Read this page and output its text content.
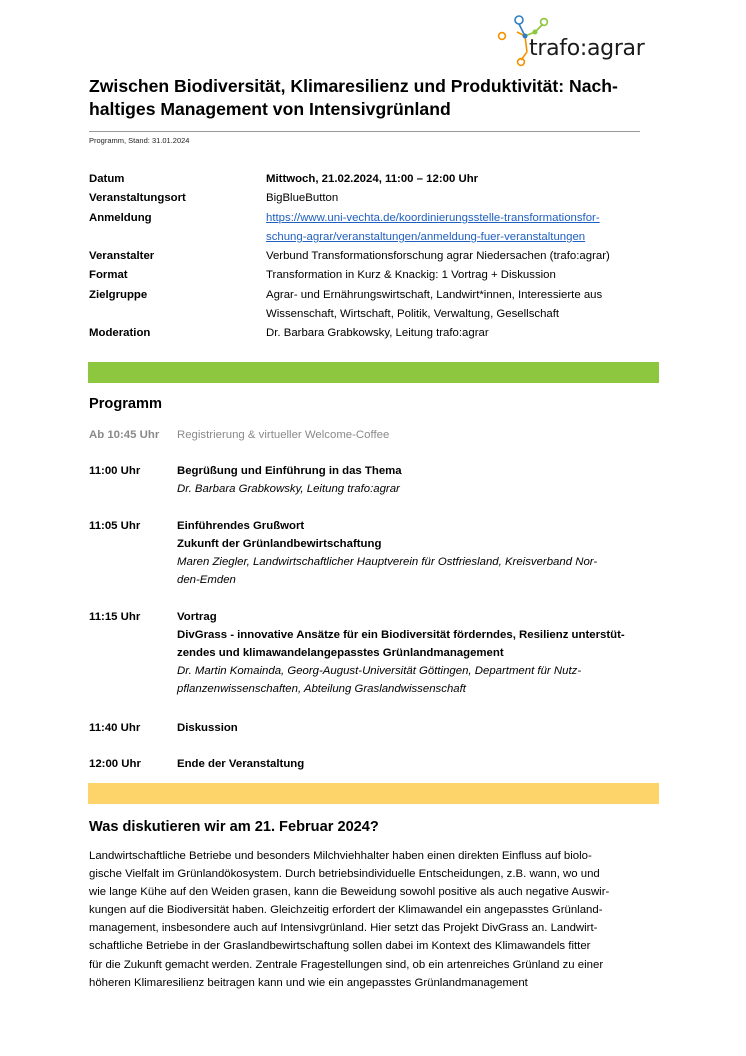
trafo:agrar
Zwischen Biodiversität, Klimaresilienz und Produktivität: Nach-
haltiges Management von Intensivgrünland
Programm, Stand: 31.01.2024
Datum	Mittwoch, 21.02.2024, 11:00 – 12:00 Uhr
Veranstaltungsort	BigBlueButton
Anmeldung	https://www.uni-vechta.de/koordinierungsstelle-transformationsfor-
schung-agrar/veranstaltungen/anmeldung-fuer-veranstaltungen
Veranstalter	Verbund Transformationsforschung agrar Niedersachen (trafo:agrar)
Format	Transformation in Kurz & Knackig: 1 Vortrag + Diskussion
Zielgruppe	Agrar- und Ernährungswirtschaft, Landwirt*innen, Interessierte aus
Wissenschaft, Wirtschaft, Politik, Verwaltung, Gesellschaft
Moderation	Dr. Barbara Grabkowsky, Leitung trafo:agrar
Programm
Ab 10:45 Uhr	Registrierung & virtueller Welcome-Coffee
11:00 Uhr	Begrüßung und Einführung in das Thema
Dr. Barbara Grabkowsky, Leitung trafo:agrar
11:05 Uhr	Einführendes Grußwort
Zukunft der Grünlandbewirtschaftung
Maren Ziegler, Landwirtschaftlicher Hauptverein für Ostfriesland, Kreisverband Nor-
den-Emden
11:15 Uhr	Vortrag
DivGrass - innovative Ansätze für ein Biodiversität förderndes, Resilienz unterstüt-
zendes und klimawandelangepasstes Grünlandmanagement
Dr. Martin Komainda, Georg-August-Universität Göttingen, Department für Nutz-
pflanzenwissenschaften, Abteilung Graslandwissenschaft
11:40 Uhr	Diskussion
12:00 Uhr	Ende der Veranstaltung
Was diskutieren wir am 21. Februar 2024?
Landwirtschaftliche Betriebe und besonders Milchviehhalter haben einen direkten Einfluss auf biolo-
gische Vielfalt im Grünlandökosystem. Durch betriebsindividuelle Entscheidungen, z.B. wann, wo und
wie lange Kühe auf den Weiden grasen, kann die Beweidung sowohl positive als auch negative Auswir-
kungen auf die Biodiversität haben. Gleichzeitig erfordert der Klimawandel ein angepasstes Grünland-
management, insbesondere auch auf Intensivgrünland. Hier setzt das Projekt DivGrass an. Landwirt-
schaftliche Betriebe in der Graslandbewirtschaftung sollen dabei im Kontext des Klimawandels fitter
für die Zukunft gemacht werden. Zentrale Fragestellungen sind, ob ein artenreiches Grünland zu einer
höheren Klimaresilienz beitragen kann und wie ein angepasstes Grünlandmanagement
